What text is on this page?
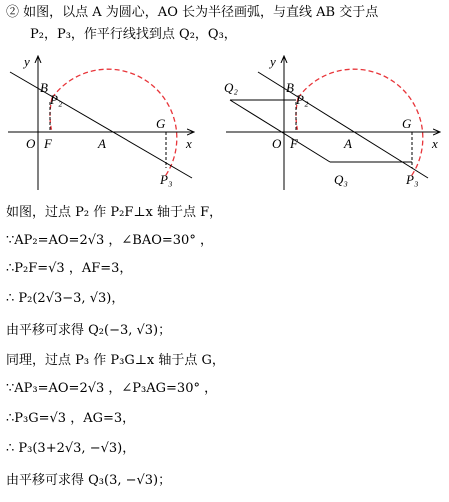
② 如图，以点 A 为圆心，AO 长为半径画弧，与直线 AB 交于点
P₂，P₃，作平行线找到点 Q₂，Q₃，
y
x
O F	A
B
P₂
G
P₃
y
x
O F	A
B
P₂
Q₂
G
P₃
Q₃
如图，过点 P₂ 作 P₂F⊥x 轴于点 F，
∵AP₂=AO=2√3 ，∠BAO=30° ，
∴P₂F=√3 ，AF=3，
∴ P₂(2√3−3, √3)，
由平移可求得 Q₂(−3, √3)；
同理，过点 P₃ 作 P₃G⊥x 轴于点 G，
∵AP₃=AO=2√3 ，∠P₃AG=30° ，
∴P₃G=√3 ，AG=3，
∴ P₃(3+2√3, −√3)，
由平移可求得 Q₃(3, −√3)；
